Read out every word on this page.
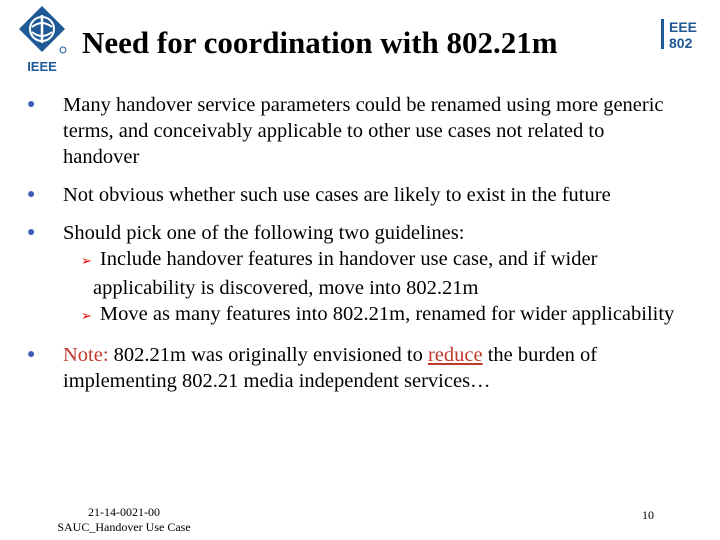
IEEE
Need for coordination with 802.21m	EEE
802
● Many handover service parameters could be renamed using more generic terms, and conceivably applicable to other use cases not related to handover
● Not obvious whether such use cases are likely to exist in the future
● Should pick one of the following two guidelines:
➢ Include handover features in handover use case, and if wider applicability is discovered, move into 802.21m
➢ Move as many features into 802.21m, renamed for wider applicability
● Note: 802.21m was originally envisioned to reduce the burden of implementing 802.21 media independent services…
21-14-0021-00
SAUC_Handover Use Case
10
